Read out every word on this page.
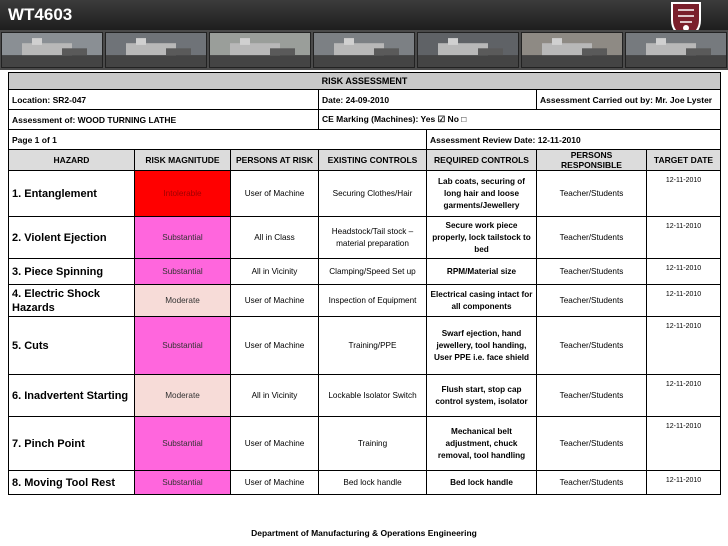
WT4603
RISK ASSESSMENT						
Location: SR2-047			Date: 24-09-2010		Assessment Carried out by: Mr. Joe Lyster	
Assessment of: WOOD TURNING LATHE			CE Marking (Machines): Yes ☑ No □			
Page 1 of 1				Assessment Review Date: 12-11-2010		
HAZARD	RISK MAGNITUDE	PERSONS AT RISK	EXISTING CONTROLS	REQUIRED CONTROLS	PERSONS RESPONSIBLE	TARGET DATE
1. Entanglement	Intolerable	User of Machine	Securing Clothes/Hair	Lab coats, securing of long hair and loose garments/Jewellery	Teacher/Students	12-11-2010
2. Violent Ejection	Substantial	All in Class	Headstock/Tail stock – material preparation	Secure work piece properly, lock tailstock to bed	Teacher/Students	12-11-2010
3. Piece Spinning	Substantial	All in Vicinity	Clamping/Speed Set up	RPM/Material size	Teacher/Students	12-11-2010
4. Electric Shock Hazards	Moderate	User of Machine	Inspection of Equipment	Electrical casing intact for all components	Teacher/Students	12-11-2010
5. Cuts	Substantial	User of Machine	Training/PPE	Swarf ejection, hand jewellery, tool handing, User PPE i.e. face shield	Teacher/Students	12-11-2010
6. Inadvertent Starting	Moderate	All in Vicinity	Lockable Isolator Switch	Flush start, stop cap control system, isolator	Teacher/Students	12-11-2010
7. Pinch Point	Substantial	User of Machine	Training	Mechanical belt adjustment, chuck removal, tool handling	Teacher/Students	12-11-2010
8. Moving Tool Rest	Substantial	User of Machine	Bed lock handle	Bed lock handle	Teacher/Students	12-11-2010
Department of Manufacturing & Operations Engineering
